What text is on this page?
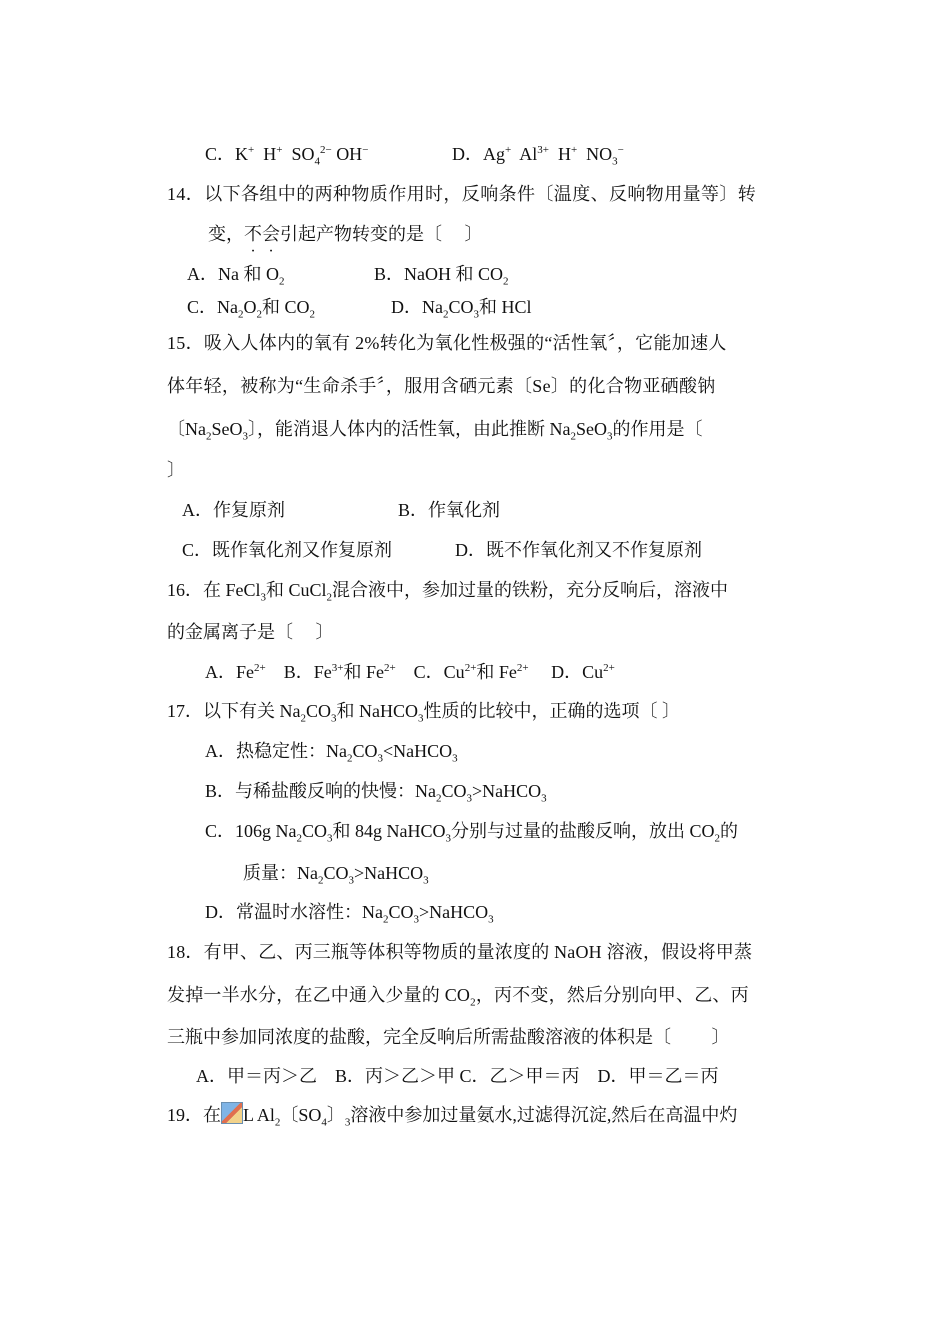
C．K+ H+ $SO_4^{2-}$ OH−	D．Ag+ $Al^{3+}$ H+ $NO_3^-$
14．以下各组中的两种物质作用时，反响条件〔温度、反响物用量等〕转
变，不会引起产物转变的是〔　 〕
A．Na 和 $O_2$	B．NaOH 和 $CO_2$
C．$Na_2O_2$和 $CO_2$	D．$Na_2CO_3$和 HCl
15．吸入人体内的氧有 2%转化为氧化性极强的“活性氧〞，它能加速人
体年轻，被称为“生命杀手〞，服用含硒元素〔Se〕的化合物亚硒酸钠
〔$Na_2SeO_3$〕，能消退人体内的活性氧，由此推断 $Na_2SeO_3$的作用是〔
〕
A．作复原剂	B．作氧化剂
C．既作氧化剂又作复原剂	D．既不作氧化剂又不作复原剂
16．在 FeCl$_3$和 CuCl$_2$混合液中，参加过量的铁粉，充分反响后，溶液中
的金属离子是〔　 〕
A．$Fe^{2+}$ B．$Fe^{3+}$和 $Fe^{2+}$ C．$Cu^{2+}$和 $Fe^{2+}$ D．$Cu^{2+}$
17．以下有关 $Na_2CO_3$和 NaHCO$_3$性质的比较中，正确的选项〔 〕
A．热稳定性：$Na_2CO_3<NaHCO_3$
B．与稀盐酸反响的快慢：$Na_2CO_3>NaHCO_3$
C．106g $Na_2CO_3$和 84g NaHCO$_3$分别与过量的盐酸反响，放出 $CO_2$的
质量：$Na_2CO_3>NaHCO_3$
D．常温时水溶性：$Na_2CO_3>NaHCO_3$
18．有甲、乙、丙三瓶等体积等物质的量浓度的 NaOH 溶液，假设将甲蒸
发掉一半水分，在乙中通入少量的 $CO_2$，丙不变，然后分别向甲、乙、丙
三瓶中参加同浓度的盐酸，完全反响后所需盐酸溶液的体积是〔　　 〕
A．甲＝丙＞乙　B．丙＞乙＞甲 C．乙＞甲＝丙　D．甲＝乙＝丙
19．在 L $Al_2$〔$SO_4$〕$_3$溶液中参加过量氨水,过滤得沉淀,然后在高温中灼
